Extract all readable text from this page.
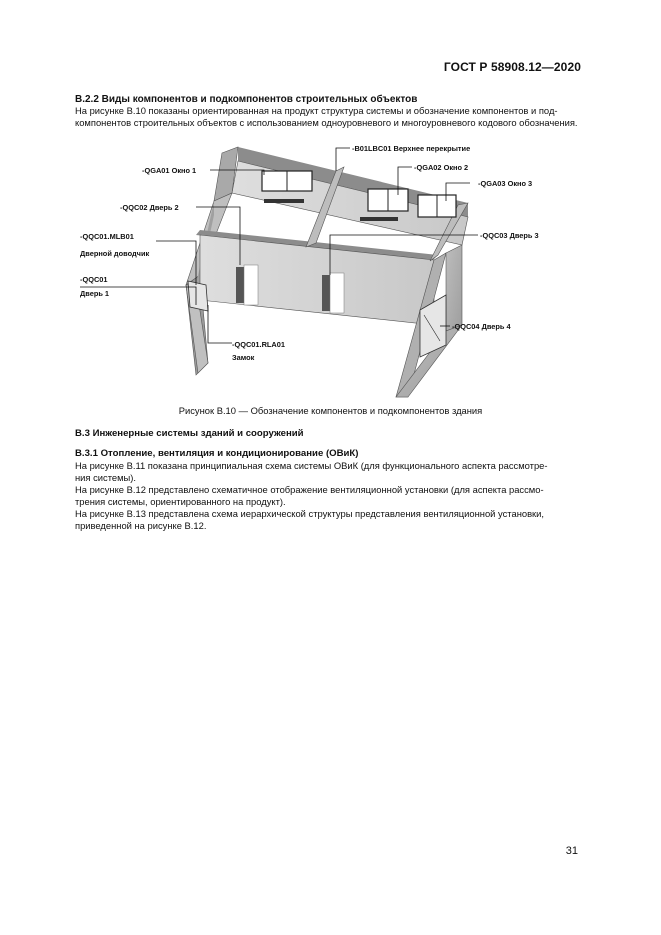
ГОСТ Р 58908.12—2020
В.2.2 Виды компонентов и подкомпонентов строительных объектов
На рисунке В.10 показаны ориентированная на продукт структура системы и обозначение компонентов и под-
компонентов строительных объектов с использованием одноуровневого и многоуровневого кодового обозначения.
-B01LBC01 Верхнее перекрытие
-QGA01 Окно 1	-QGA02 Окно 2
-QGA03 Окно 3
-QQC02 Дверь 2
-QQC01.MLB01
Дверной доводчик
-QQC03 Дверь 3
-QQC01
Дверь 1
-QQC04 Дверь 4
-QQC01.RLA01
Замок
Рисунок В.10 — Обозначение компонентов и подкомпонентов здания
В.3 Инженерные системы зданий и сооружений
В.3.1 Отопление, вентиляция и кондиционирование (ОВиК)
На рисунке В.11 показана принципиальная схема системы ОВиК (для функционального аспекта рассмотре-
ния системы).
На рисунке В.12 представлено схематичное отображение вентиляционной установки (для аспекта рассмо-
трения системы, ориентированного на продукт).
На рисунке В.13 представлена схема иерархической структуры представления вентиляционной установки,
приведенной на рисунке В.12.
31
